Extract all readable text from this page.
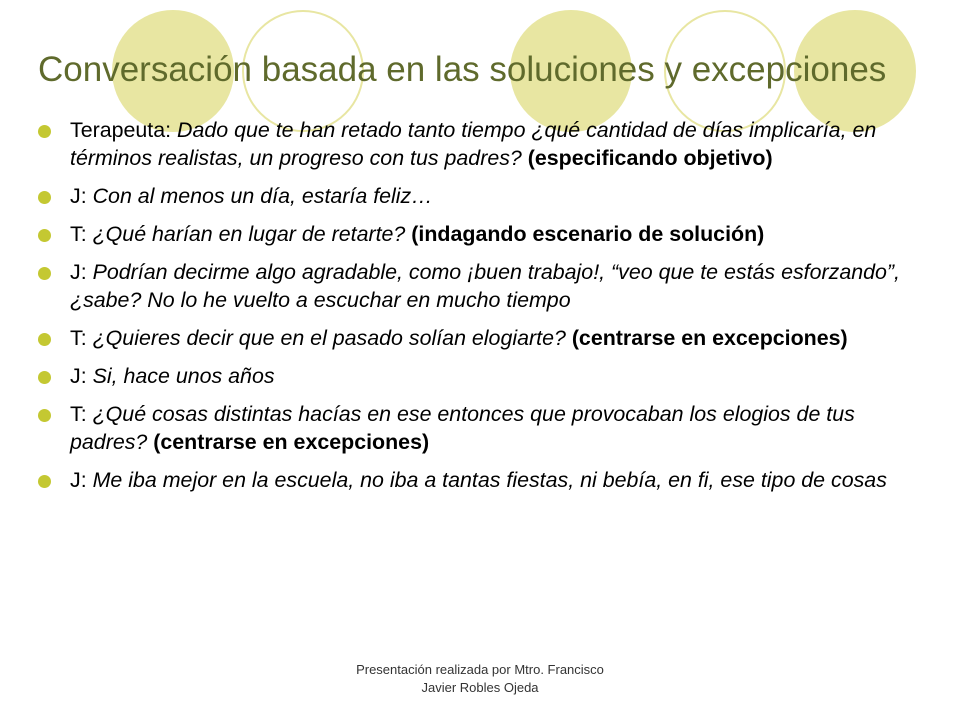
Conversación basada en las soluciones y excepciones
Terapeuta: Dado que te han retado tanto tiempo ¿qué cantidad de días implicaría, en términos realistas, un progreso con tus padres? (especificando objetivo)
J: Con al menos un día, estaría feliz…
T: ¿Qué harían en lugar de retarte? (indagando escenario de solución)
J: Podrían decirme algo agradable, como ¡buen trabajo!, “veo que te estás esforzando”, ¿sabe? No lo he vuelto a escuchar en mucho tiempo
T: ¿Quieres decir que en el pasado solían elogiarte? (centrarse en excepciones)
J: Si, hace unos años
T: ¿Qué cosas distintas hacías en ese entonces que provocaban los elogios de tus padres? (centrarse en excepciones)
J: Me iba mejor en la escuela, no iba a tantas fiestas, ni bebía, en fi, ese tipo de cosas
Presentación realizada por Mtro. Francisco
Javier Robles Ojeda
